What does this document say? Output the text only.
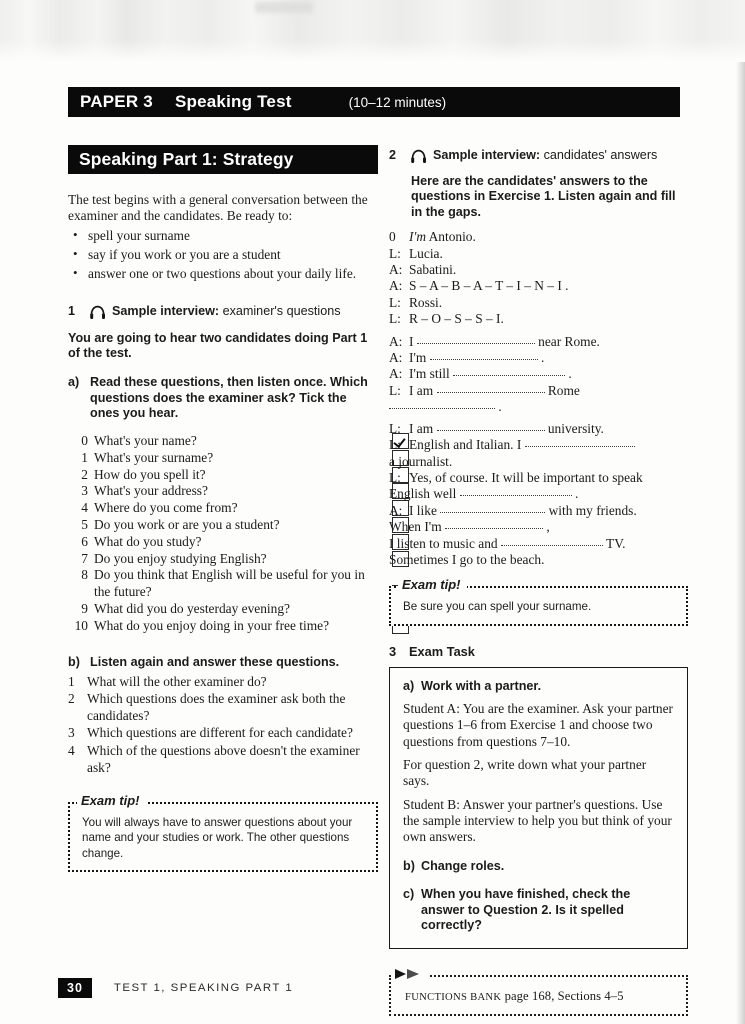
PAPER 3	Speaking Test	(10–12 minutes)
Speaking Part 1: Strategy
The test begins with a general conversation between the examiner and the candidates. Be ready to:
• spell your surname
• say if you work or you are a student
• answer one or two questions about your daily life.
1	Sample interview: examiner's questions
You are going to hear two candidates doing Part 1 of the test.
a) Read these questions, then listen once. Which questions does the examiner ask? Tick the ones you hear.
0 What's your name?
1 What's your surname?
2 How do you spell it?
3 What's your address?
4 Where do you come from?
5 Do you work or are you a student?
6 What do you study?
7 Do you enjoy studying English?
8 Do you think that English will be useful for you in the future?
9 What did you do yesterday evening?
10 What do you enjoy doing in your free time?
b) Listen again and answer these questions.
1 What will the other examiner do?
2 Which questions does the examiner ask both the candidates?
3 Which questions are different for each candidate?
4 Which of the questions above doesn't the examiner ask?
Exam tip!
You will always have to answer questions about your name and your studies or work. The other questions change.
2	Sample interview: candidates' answers
Here are the candidates' answers to the questions in Exercise 1. Listen again and fill in the gaps.
0 I'm Antonio.
L: Lucia.
A: Sabatini.
A: S – A – B – A – T – I – N – I .
L: Rossi.
L: R – O – S – S – I.
A: I	near Rome.
A: I'm	.
A: I'm still	.
L: I am	Rome
.
L: I am	university.
L: English and Italian. I
a journalist.
L: Yes, of course. It will be important to speak
English well	.
A: I like	with my friends.
When I'm	,
I listen to music and	TV.
Sometimes I go to the beach.
Exam tip!
Be sure you can spell your surname.
3	Exam Task
a) Work with a partner.

Student A: You are the examiner. Ask your partner questions 1–6 from Exercise 1 and choose two questions from questions 7–10.

For question 2, write down what your partner says.

Student B: Answer your partner's questions. Use the sample interview to help you but think of your own answers.

b) Change roles.
c) When you have finished, check the answer to Question 2. Is it spelled correctly?
FUNCTIONS BANK page 168, Sections 4–5
30	TEST 1, SPEAKING PART 1
